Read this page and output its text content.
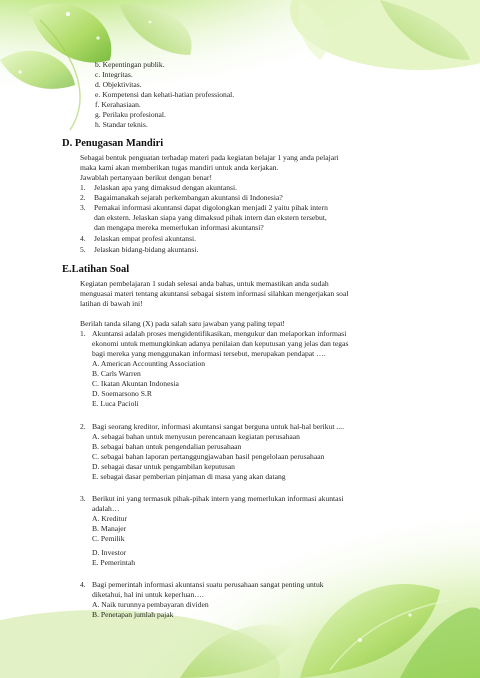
b. Kepentingan publik.
c. Integritas.
d. Objektivitas.
e. Kompetensi dan kehati-hatian professional.
f. Kerahasiaan.
g. Perilaku profesional.
h. Standar teknis.
D. Penugasan Mandiri
Sebagai bentuk penguatan terhadap materi pada kegiatan belajar 1 yang anda pelajari
maka kami akan memberikan tugas mandiri untuk anda kerjakan.
Jawablah pertanyaan berikut dengan benar!
1. Jelaskan apa yang dimaksud dengan akuntansi.
2. Bagaimanakah sejarah perkembangan akuntansi di Indonesia?
3. Pemakai informasi akuntansi dapat digolongkan menjadi 2 yaitu pihak intern
dan ekstern. Jelaskan siapa yang dimaksud pihak intern dan ekstern tersebut,
dan mengapa mereka memerlukan informasi akuntansi?
4. Jelaskan empat profesi akuntansi.
5. Jelaskan bidang-bidang akuntansi.
E.Latihan Soal
Kegiatan pembelajaran 1 sudah selesai anda bahas, untuk memastikan anda sudah
menguasai materi tentang akuntansi sebagai sistem informasi silahkan mengerjakan soal
latihan di bawah ini!
Berilah tanda silang (X) pada salah satu jawaban yang paling tepat!
1. Akuntansi adalah proses mengidentifikasikan, mengukur dan melaporkan informasi
ekonomi untuk memungkinkan adanya penilaian dan keputusan yang jelas dan tegas
bagi mereka yang menggunakan informasi tersebut, merupakan pendapat ….
A. American Accounting Association
B. Carls Warren
C. Ikatan Akuntan Indonesia
D. Soemarsono S.R
E. Luca Pacioli
2. Bagi seorang kreditor, informasi akuntansi sangat berguna untuk hal-hal berikut ....
A. sebagai bahan untuk menyusun perencanaan kegiatan perusahaan
B. sebagai bahan untuk pengendalian perusahaan
C. sebagai bahan laporan pertanggungjawaban hasil pengelolaan perusahaan
D. sebagai dasar untuk pengambilan keputusan
E. sebagai dasar pemberian pinjaman di masa yang akan datang
3. Berikut ini yang termasuk pihak-pihak intern yang memerlukan informasi akuntasi
adalah…
A. Kreditur
B. Manajer
C. Pemilik
D. Investor
E. Pemerintah
4. Bagi pemerintah informasi akuntansi suatu perusahaan sangat penting untuk
diketahui, hal ini untuk keperluan….
A. Naik turunnya pembayaran dividen
B. Penetapan jumlah pajak
